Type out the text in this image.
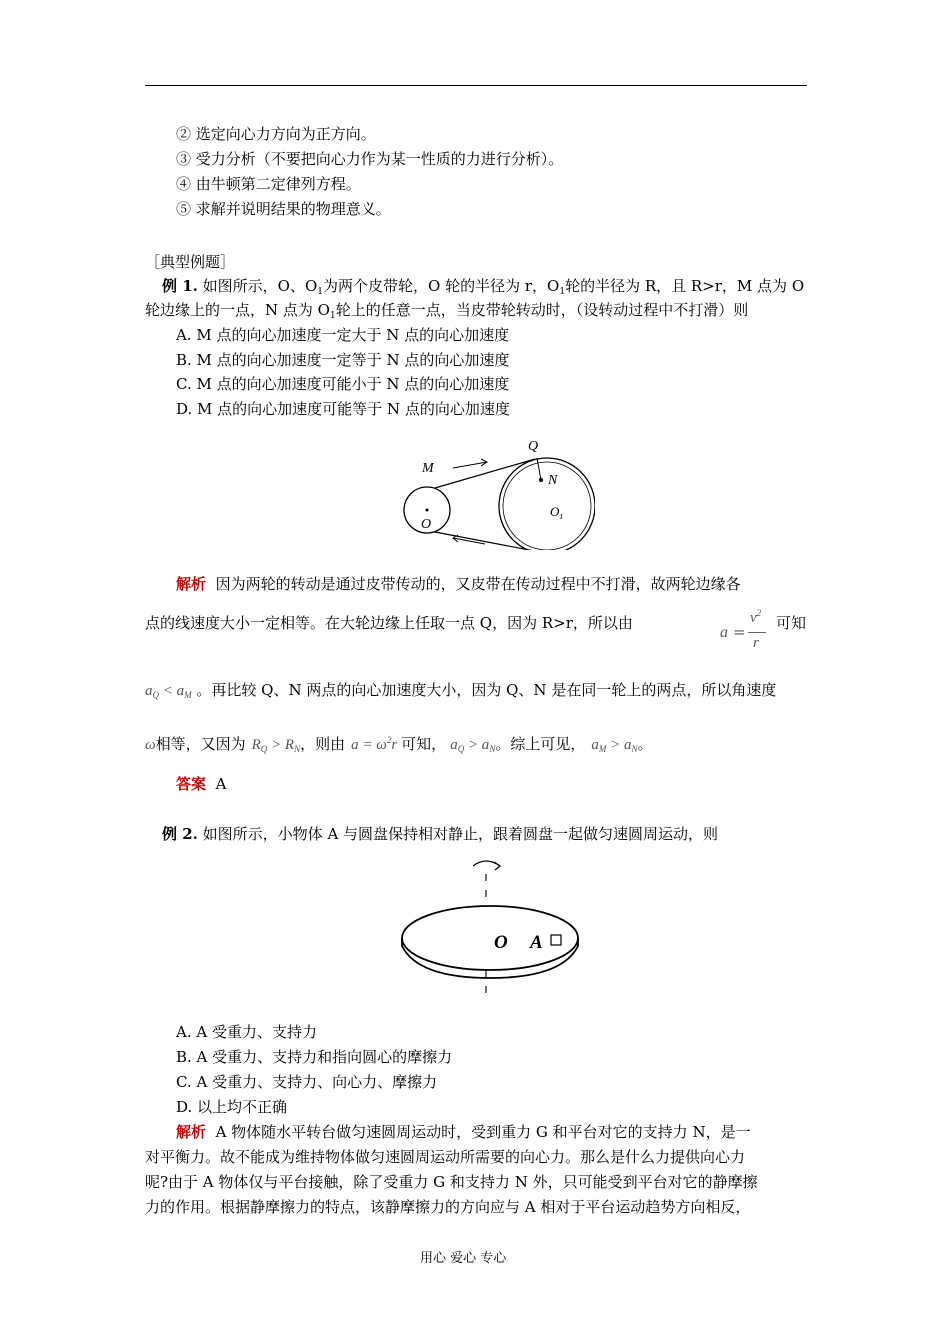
② 选定向心力方向为正方向。
③ 受力分析（不要把向心力作为某一性质的力进行分析）。
④ 由牛顿第二定律列方程。
⑤ 求解并说明结果的物理意义。
［典型例题］
例 1. 如图所示，O、$O_1$为两个皮带轮，O 轮的半径为 r，$O_1$轮的半径为 R，且 R>r，M 点为 O
轮边缘上的一点，N 点为 $O_1$轮上的任意一点，当皮带轮转动时，（设转动过程中不打滑）则
A. M 点的向心加速度一定大于 N 点的向心加速度
B. M 点的向心加速度一定等于 N 点的向心加速度
C. M 点的向心加速度可能小于 N 点的向心加速度
D. M 点的向心加速度可能等于 N 点的向心加速度
M
Q
N
O
$O_1$
解析 因为两轮的转动是通过皮带传动的，又皮带在传动过程中不打滑，故两轮边缘各
点的线速度大小一定相等。在大轮边缘上任取一点 Q，因为 R>r，所以由
a =
$v^2$
r
可知
$a_Q < a_M$ 。再比较 Q、N 两点的向心加速度大小，因为 Q、N 是在同一轮上的两点，所以角速度
ω相等，又因为 $R_Q > R_N$，则由 $a = \omega^2r$ 可知， $a_Q > a_N$。综上可见， $a_M > a_N$。
答案 A
例 2. 如图所示，小物体 A 与圆盘保持相对静止，跟着圆盘一起做匀速圆周运动，则
O A
A. A 受重力、支持力
B. A 受重力、支持力和指向圆心的摩擦力
C. A 受重力、支持力、向心力、摩擦力
D. 以上均不正确
解析 A 物体随水平转台做匀速圆周运动时，受到重力 G 和平台对它的支持力 N，是一
对平衡力。故不能成为维持物体做匀速圆周运动所需要的向心力。那么是什么力提供向心力
呢?由于 A 物体仅与平台接触，除了受重力 G 和支持力 N 外，只可能受到平台对它的静摩擦
力的作用。根据静摩擦力的特点，该静摩擦力的方向应与 A 相对于平台运动趋势方向相反，
用心 爱心 专心
